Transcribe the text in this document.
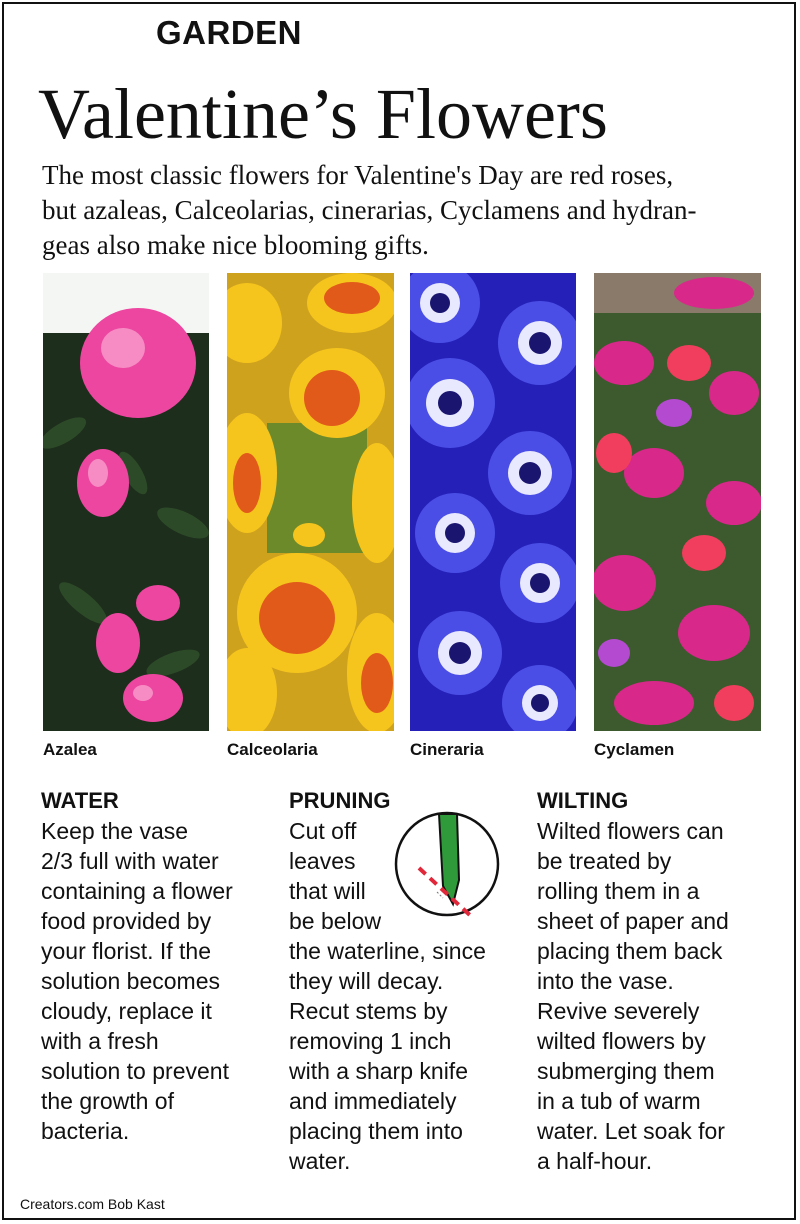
GARDEN
Valentine’s Flowers
The most classic flowers for Valentine's Day are red roses,
but azaleas, Calceolarias, cinerarias, Cyclamens and hydran-
geas also make nice blooming gifts.
Azalea	Calceolaria	Cineraria	Cyclamen
WATER
Keep the vase
2/3 full with water
containing a flower
food provided by
your florist. If the
solution becomes
cloudy, replace it
with a fresh
solution to prevent
the growth of
bacteria.
PRUNING
Cut off
leaves
that will
be below
the waterline, since
they will decay.
Recut stems by
removing 1 inch
with a sharp knife
and immediately
placing them into
water.
WILTING
Wilted flowers can
be treated by
rolling them in a
sheet of paper and
placing them back
into the vase.
Revive severely
wilted flowers by
submerging them
in a tub of warm
water. Let soak for
a half-hour.
Creators.com Bob Kast
